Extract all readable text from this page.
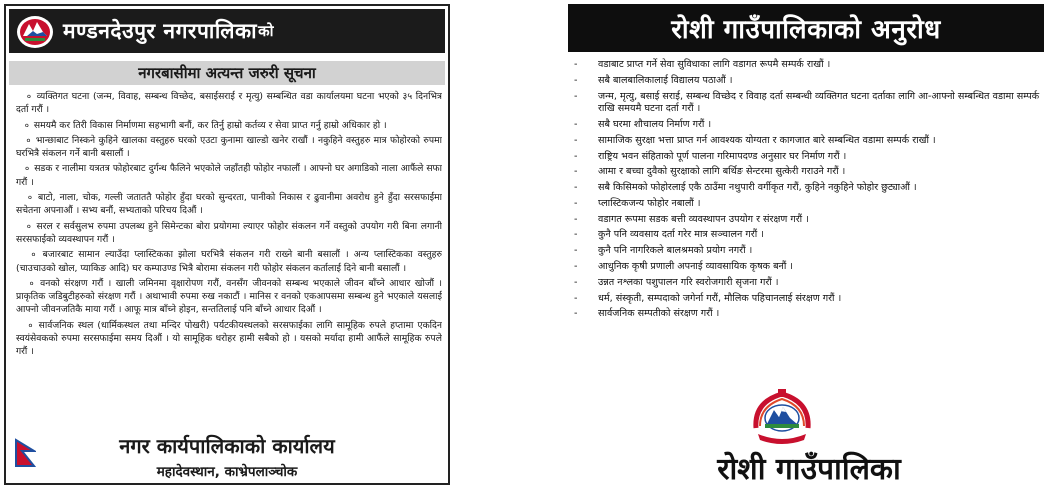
मण्डनदेउपुर नगरपालिका को
नगरबासीमा अत्यन्त जरुरी सूचना

० व्यक्तिगत घटना (जन्म, विवाह, सम्बन्ध विच्छेद, बसाईसराई र मृत्यु) सम्बन्धित वडा कार्यालयमा घटना भएको ३५ दिनभित्र दर्ता गरौं ।

० समयमै कर तिरी विकास निर्माणमा सहभागी बनौं, कर तिर्नु हाम्रो कर्तव्य र सेवा प्राप्त गर्नु हाम्रो अधिकार हो ।

० भान्छाबाट निस्कने कुहिने खालका वस्तुहरु घरको एउटा कुनामा खाल्डो खनेर राखौं । नकुहिने वस्तुहरु मात्र फोहोरको रुपमा घरभित्रै संकलन गर्ने बानी बसालौं ।

० सडक र नालीमा यत्रतत्र फोहोरबाट दुर्गन्ध फैलिने भएकोले जहाँतही फोहोर नफालौं । आफ्नो घर अगाडिको नाला आफैंले सफा गरौं ।

० बाटो, नाला, चोक, गल्ली जताततै फोहोर हुँदा घरको सुन्दरता, पानीको निकास र ढुवानीमा अवरोध हुने हुँदा सरसफाईमा सचेतना अपनाऔं । सभ्य बनौं, सभ्यताको परिचय दिऔं ।

० सरल र सर्वसुलभ रुपमा उपलब्ध हुने सिमेन्टका बोरा प्रयोगमा ल्याएर फोहोर संकलन गर्ने वस्तुको उपयोग गरी बिना लगानी सरसफाईको व्यवस्थापन गरौं ।

० बजारबाट सामान ल्याउँदा प्लास्टिकका झोला घरभित्रै संकलन गरी राख्ने बानी बसालौं । अन्य प्लास्टिकका वस्तुहरु (चाउचाउको खोल, प्याकिङ आदि) घर कम्पाउण्ड भित्रै बोरामा संकलन गरी फोहोर संकलन कर्तालाई दिने बानी बसालौं ।

० वनको संरक्षण गरौं । खाली जमिनमा वृक्षारोपण गरौं, वनसँग जीवनको सम्बन्ध भएकाले जीवन बाँच्ने आधार खोजौं । प्राकृतिक जडिबुटीहरुको संरक्षण गरौं । अथाभावी रुपमा रुख नकाटौं । मानिस र वनको एकआपसमा सम्बन्ध हुने भएकाले यसलाई आफ्नो जीवनजतिकै माया गरौं । आफू मात्र बाँच्ने होइन, सन्ततिलाई पनि बाँच्ने आधार दिऔं ।

० सार्वजनिक स्थल (धार्मिकस्थल तथा मन्दिर पोखरी) पर्यटकीयस्थलको सरसफाईका लागि सामूहिक रुपले हप्तामा एकदिन स्वयंसेवकको रुपमा सरसफाईमा समय दिऔं । यो सामूहिक धरोहर हामी सबैको हो । यसको मर्यादा हामी आफैंले सामूहिक रुपले गरौं ।

नगर कार्यपालिकाको कार्यालय
महादेवस्थान, काभ्रेपलाञ्चोक
रोशी गाउँपालिकाको अनुरोध
-	वडाबाट प्राप्त गर्ने सेवा सुविधाका लागि वडागत रूपमै सम्पर्क राखौं ।
-	सबै बालबालिकालाई विद्यालय पठाऔं ।
-	जन्म, मृत्यु, बसाई सराई, सम्बन्ध विच्छेद र विवाह दर्ता सम्बन्धी व्यक्तिगत घटना दर्ताका लागि आ-आफ्नो सम्बन्धित वडामा सम्पर्क राखि समयमै घटना दर्ता गरौं ।
-	सबै घरमा शौचालय निर्माण गरौं ।
-	सामाजिक सुरक्षा भत्ता प्राप्त गर्न आवश्यक योग्यता र कागजात बारे सम्बन्धित वडामा सम्पर्क राखौं ।
-	राष्ट्रिय भवन संहिताको पूर्ण पालना गरिमापदण्ड अनुसार घर निर्माण गरौं ।
-	आमा र बच्चा दुवैको सुरक्षाको लागि बर्थिङ सेन्टरमा सुत्केरी गराउने गरौं ।
-	सबै किसिमको फोहोरलाई एकै ठाउँमा नथुपारी वर्गीकृत गरौं, कुहिने नकुहिने फोहोर छुट्याऔं ।
-	प्लास्टिकजन्य फोहोर नबालौं ।
-	वडागत रूपमा सडक बत्ती व्यवस्थापन उपयोग र संरक्षण गरौं ।
-	कुनै पनि व्यवसाय दर्ता गरेर मात्र सञ्चालन गरौं ।
-	कुनै पनि नागरिकले बालश्रमको प्रयोग नगरौं ।
-	आधुनिक कृषी प्रणाली अपनाई व्यावसायिक कृषक बनौं ।
-	उन्नत नश्लका पशुपालन गरि स्वरोजगारी सृजना गरौं ।
-	धर्म, संस्कृती, सम्पदाको जगेर्ना गरौं, मौलिक पहिचानलाई संरक्षण गरौं ।
-	सार्वजनिक सम्पतीको संरक्षण गरौं ।
रोशी गाउँपालिका
